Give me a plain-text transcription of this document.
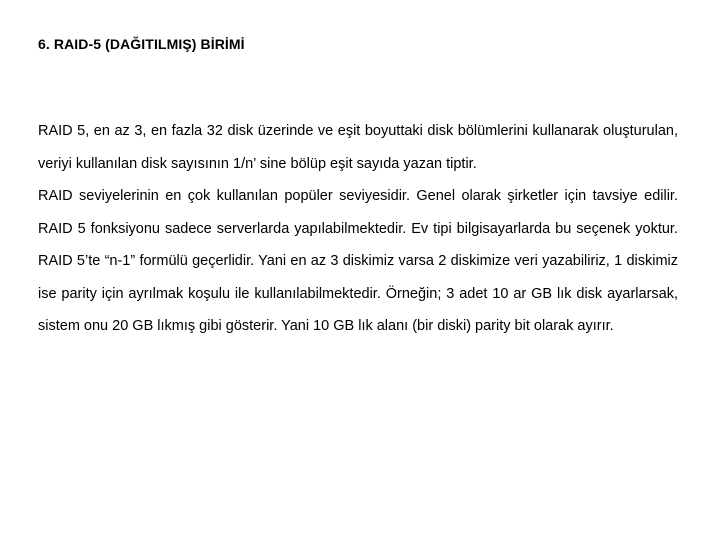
6. RAID-5 (DAĞITILMIŞ) BİRİMİ

RAID 5, en az 3, en fazla 32 disk üzerinde ve eşit boyuttaki disk bölümlerini kullanarak oluşturulan, veriyi kullanılan disk sayısının 1/n’ sine bölüp eşit sayıda yazan tiptir.

RAID seviyelerinin en çok kullanılan popüler seviyesidir. Genel olarak şirketler için tavsiye edilir. RAID 5 fonksiyonu sadece serverlarda yapılabilmektedir. Ev tipi bilgisayarlarda bu seçenek yoktur. RAID 5’te “n-1” formülü geçerlidir. Yani en az 3 diskimiz varsa 2 diskimize veri yazabiliriz, 1 diskimiz ise parity için ayrılmak koşulu ile kullanılabilmektedir. Örneğin; 3 adet 10 ar GB lık disk ayarlarsak, sistem onu 20 GB lıkmış gibi gösterir. Yani 10 GB lık alanı (bir diski) parity bit olarak ayırır.
